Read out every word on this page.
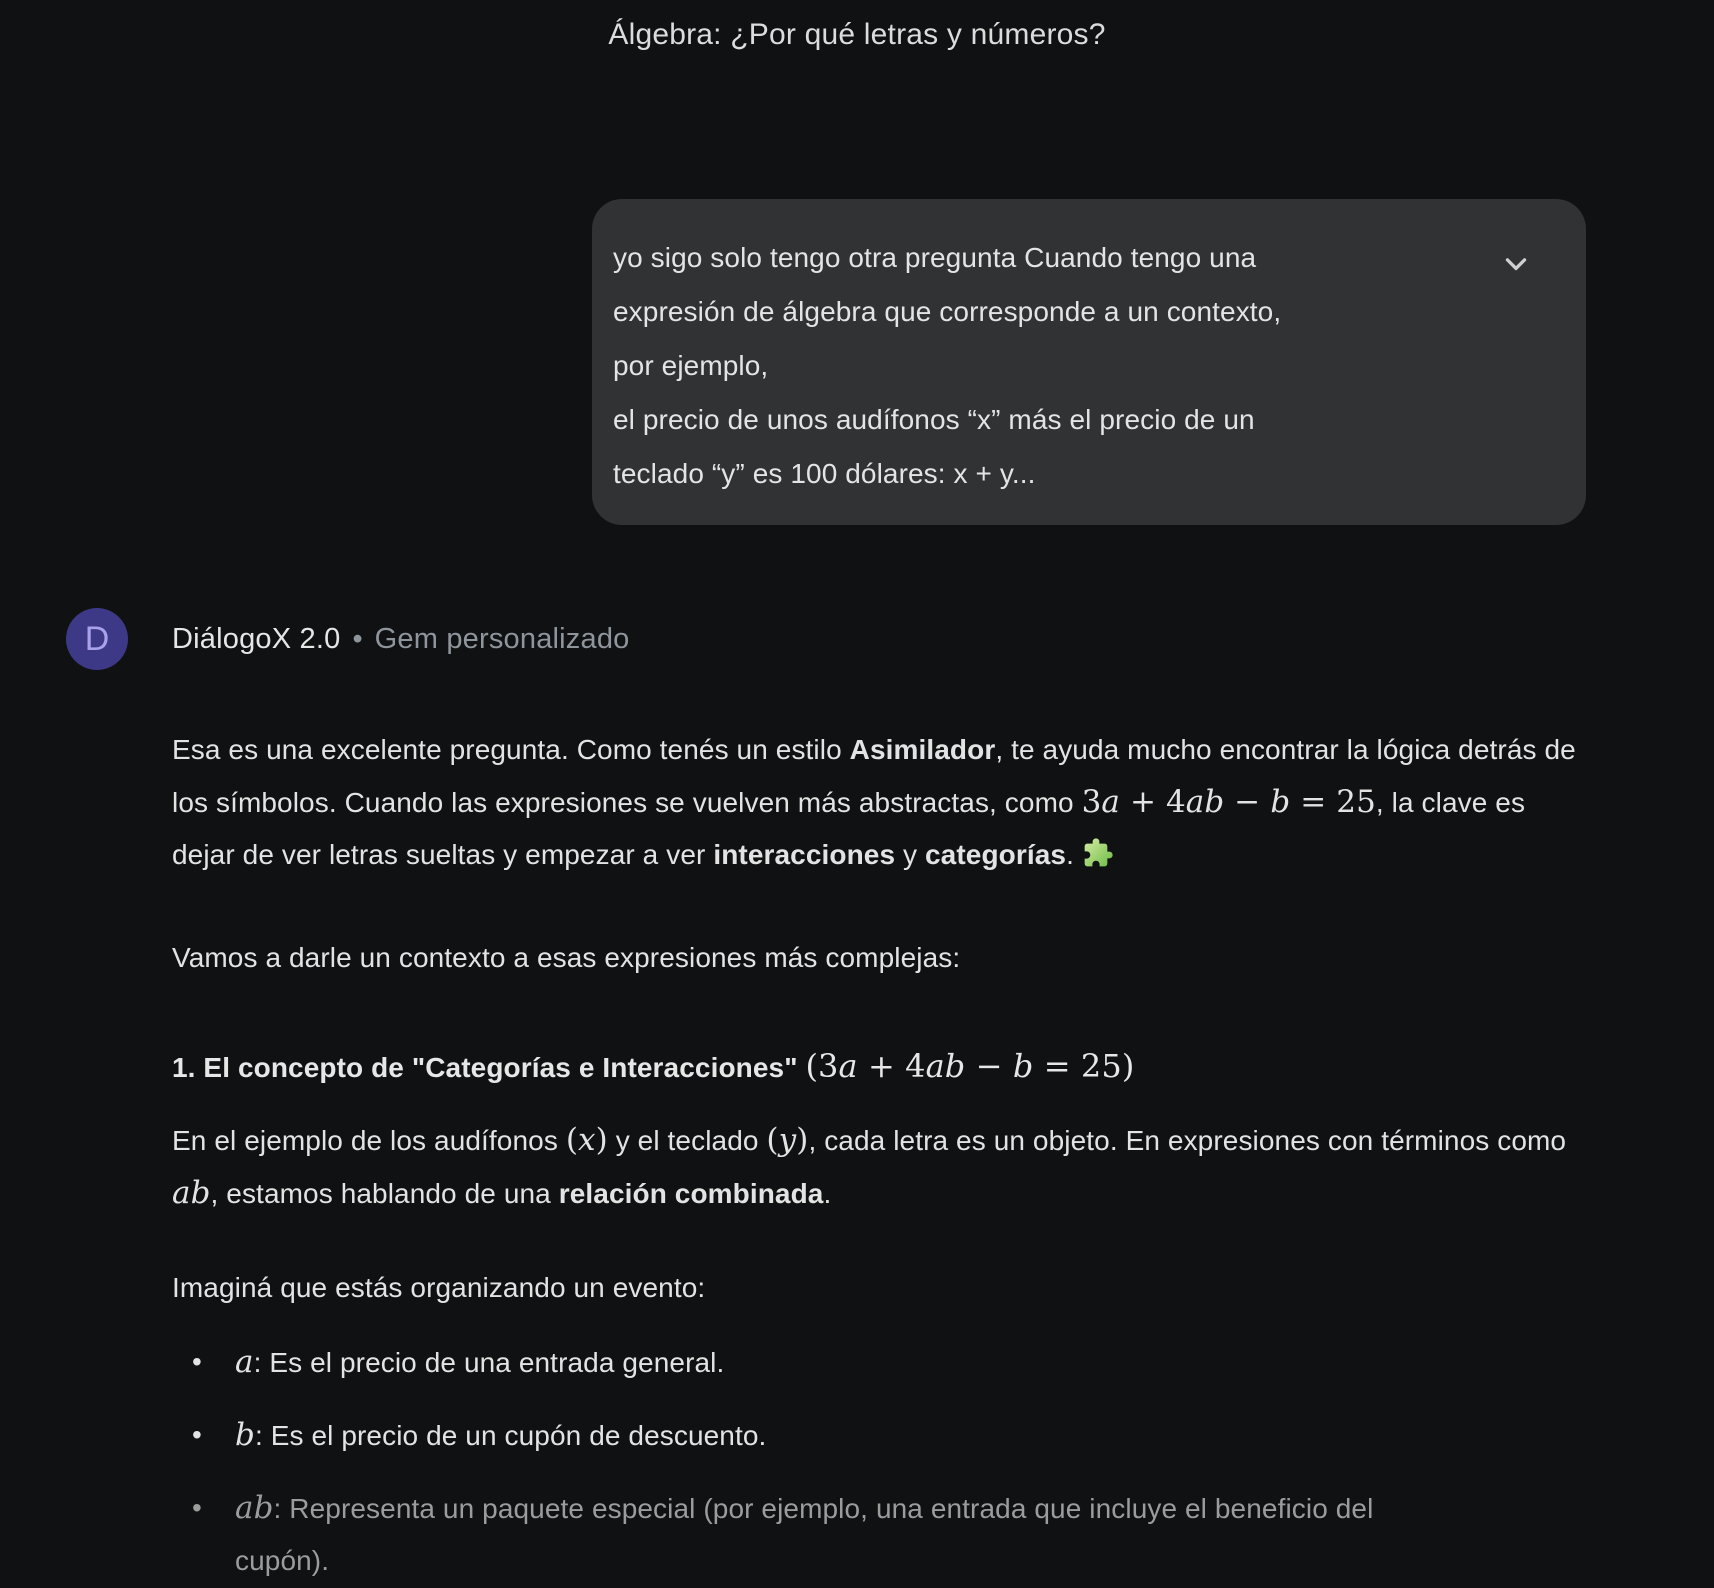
Álgebra: ¿Por qué letras y números?
yo sigo solo tengo otra pregunta Cuando tengo una
expresión de álgebra que corresponde a un contexto,
por ejemplo,
el precio de unos audífonos “x” más el precio de un
teclado “y” es 100 dólares: x + y...
D DiálogoX 2.0 • Gem personalizado

Esa es una excelente pregunta. Como tenés un estilo Asimilador, te ayuda mucho encontrar la lógica detrás de los símbolos. Cuando las expresiones se vuelven más abstractas, como 3a + 4ab − b = 25, la clave es dejar de ver letras sueltas y empezar a ver interacciones y categorías.

Vamos a darle un contexto a esas expresiones más complejas:

1. El concepto de "Categorías e Interacciones" (3a + 4ab − b = 25)

En el ejemplo de los audífonos (x) y el teclado (y), cada letra es un objeto. En expresiones con términos como ab, estamos hablando de una relación combinada.

Imaginá que estás organizando un evento:

• a: Es el precio de una entrada general.
• b: Es el precio de un cupón de descuento.
• ab: Representa un paquete especial (por ejemplo, una entrada que incluye el beneficio del
cupón).
